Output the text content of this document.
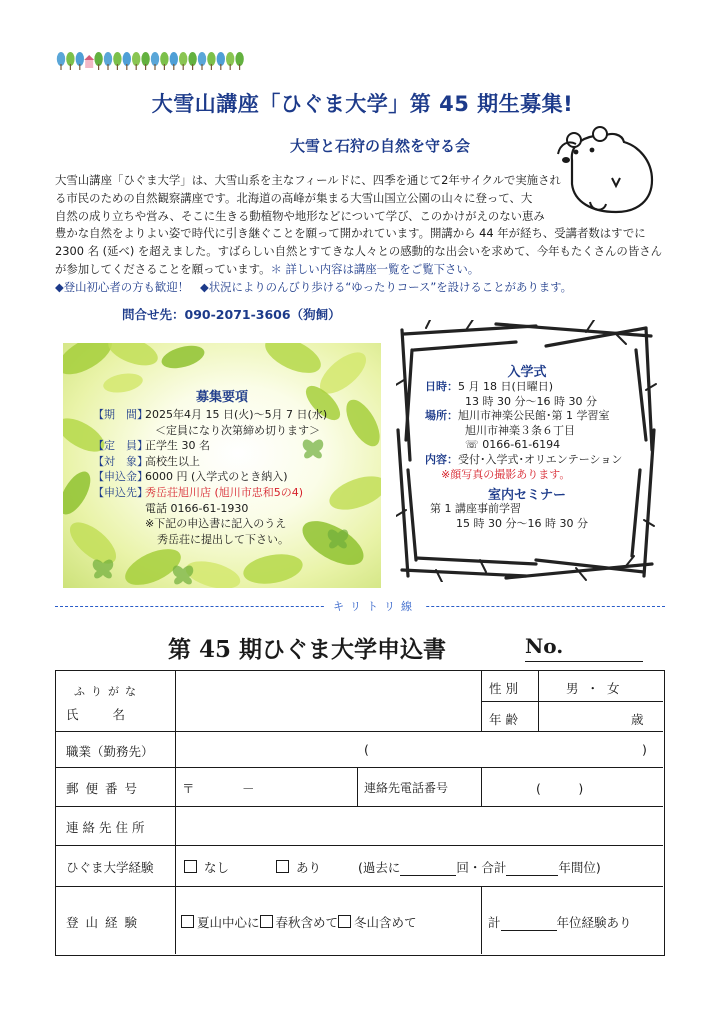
大雪山講座「ひぐま大学」第 45 期生募集!
大雪と石狩の自然を守る会
大雪山講座「ひぐま大学」は、大雪山系を主なフィールドに、四季を通じて2年サイクルで実施され
る市民のための自然観察講座です。北海道の高峰が集まる大雪山国立公園の山々に登って、大
自然の成り立ちや営み、そこに生きる動植物や地形などについて学び、このかけがえのない恵み
豊かな自然をよりよい姿で時代に引き継ぐことを願って開かれています。開講から 44 年が経ち、受講者数はすでに
2300 名 (延べ) を超えました。すばらしい自然とすてきな人々との感動的な出会いを求めて、今年もたくさんの皆さん
が参加してくださることを願っています。＊ 詳しい内容は講座一覧をご覧下さい。
◆登山初心者の方も歓迎！ ◆状況によりのんびり歩ける“ゆったりコース”を設けることがあります。
問合せ先：090-2071-3606（狗飼）
募集要項
【期　間】2025年4月 15 日(火)～5月 7 日(水)
＜定員になり次第締め切ります＞
【定　員】正学生 30 名
【対　象】高校生以上
【申込金】6000 円 (入学式のとき納入)
【申込先】秀岳荘旭川店 (旭川市忠和5の4)
電話 0166-61-1930
※下記の申込書に記入のうえ
秀岳荘に提出して下さい。
入学式
日時：5 月 18 日(日曜日)
13 時 30 分～16 時 30 分
場所：旭川市神楽公民館･第 1 学習室
旭川市神楽３条６丁目
☏ 0166-61-6194
内容：受付･入学式･オリエンテーション
※顔写真の撮影あります。
室内セミナー
第 1 講座事前学習
15 時 30 分～16 時 30 分
キリトリ線
第 45 期ひぐま大学申込書	No.
ふりがな
氏　　名
性 別	男 ・ 女
年 齢	歳
職業（勤務先）	(	)
郵便番号	〒	－	連絡先電話番号	(　　　)
連絡先住所
ひぐま大学経験	なし	あり	(過去に	回・合計	年間位)
登山経験	夏山中心に 春秋含めて 冬山含めて	計	年位経験あり
